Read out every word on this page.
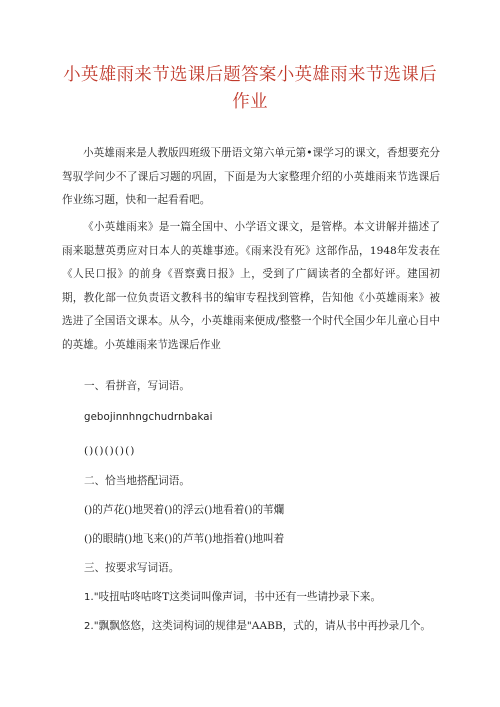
小英雄雨来节选课后题答案小英雄雨来节选课后作业
小英雄雨来是人教版四班级下册语文第六单元第•课学习的课文，香想要充分驾驭学问少不了课后习题的巩固，下面是为大家整理介绍的小英雄雨来节选课后作业练习题，快和一起看看吧。
《小英雄雨来》是一篇全国中、小学语文课文，是管桦。本文讲解并描述了雨来聪慧英勇应对日本人的英雄事迹。《雨来没有死》这部作品，1948年发表在《人民口报》的前身《晋察冀日报》上，受到了广阔读者的全都好评。建国初期，教化部一位负责语文教科书的编审专程找到管桦，告知他《小英雄雨来》被选进了全国语文课本。从今，小英雄雨来便成/整整一个时代全国少年儿童心目中的英雄。小英雄雨来节选课后作业
一、看拼音，写词语。
gebojinnhngchudrnbakai
()()()()()
二、恰当地搭配词语。
()的芦花()地哭着()的浮云()地看着()的苇爛
()的眼睛()地飞来()的芦苇()地指着()地叫着
三、按要求写词语。
1."吱扭咕咚咕咚T这类词叫像声词，书中还有一些请抄录下来。
2."飘飘悠悠，这类词构词的规律是"AABB，式的，请从书中再抄录几个。
